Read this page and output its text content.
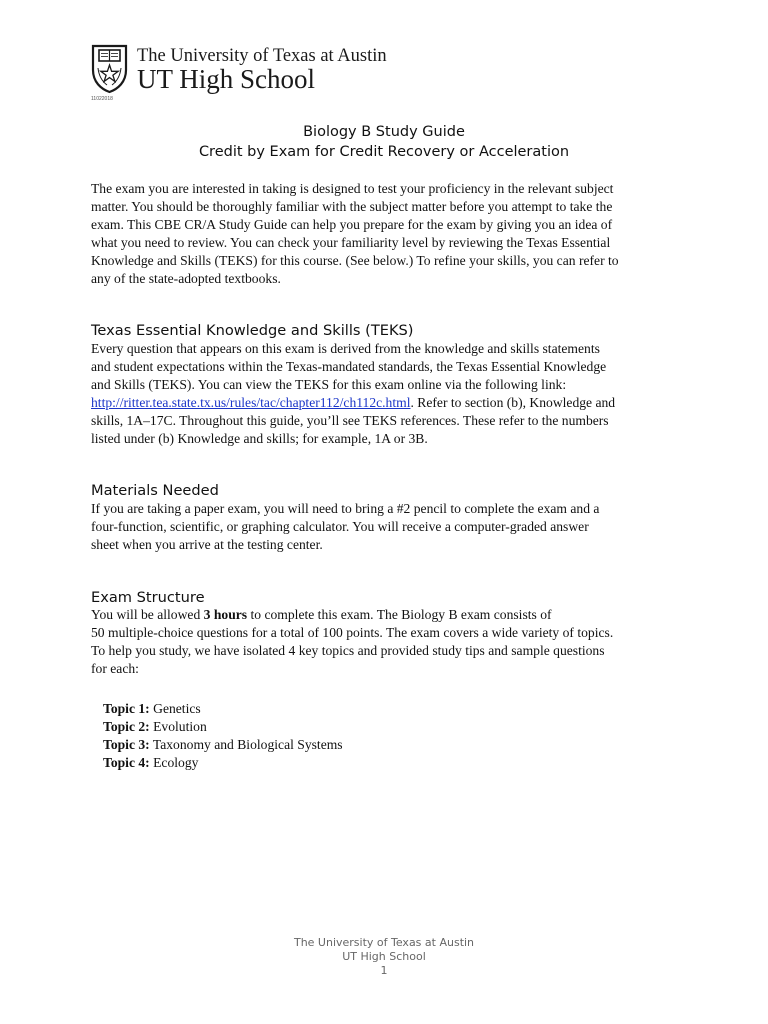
The University of Texas at Austin
UT High School
11022018
Biology B Study Guide
Credit by Exam for Credit Recovery or Acceleration
The exam you are interested in taking is designed to test your proficiency in the relevant subject
matter. You should be thoroughly familiar with the subject matter before you attempt to take the
exam. This CBE CR/A Study Guide can help you prepare for the exam by giving you an idea of
what you need to review. You can check your familiarity level by reviewing the Texas Essential
Knowledge and Skills (TEKS) for this course. (See below.) To refine your skills, you can refer to
any of the state-adopted textbooks.
Texas Essential Knowledge and Skills (TEKS)
Every question that appears on this exam is derived from the knowledge and skills statements
and student expectations within the Texas-mandated standards, the Texas Essential Knowledge
and Skills (TEKS). You can view the TEKS for this exam online via the following link:
http://ritter.tea.state.tx.us/rules/tac/chapter112/ch112c.html. Refer to section (b), Knowledge and
skills, 1A–17C. Throughout this guide, you’ll see TEKS references. These refer to the numbers
listed under (b) Knowledge and skills; for example, 1A or 3B.
Materials Needed
If you are taking a paper exam, you will need to bring a #2 pencil to complete the exam and a
four-function, scientific, or graphing calculator. You will receive a computer-graded answer
sheet when you arrive at the testing center.
Exam Structure
You will be allowed 3 hours to complete this exam. The Biology B exam consists of
50 multiple-choice questions for a total of 100 points. The exam covers a wide variety of topics.
To help you study, we have isolated 4 key topics and provided study tips and sample questions
for each:
Topic 1: Genetics
Topic 2: Evolution
Topic 3: Taxonomy and Biological Systems
Topic 4: Ecology
The University of Texas at Austin
UT High School
1
